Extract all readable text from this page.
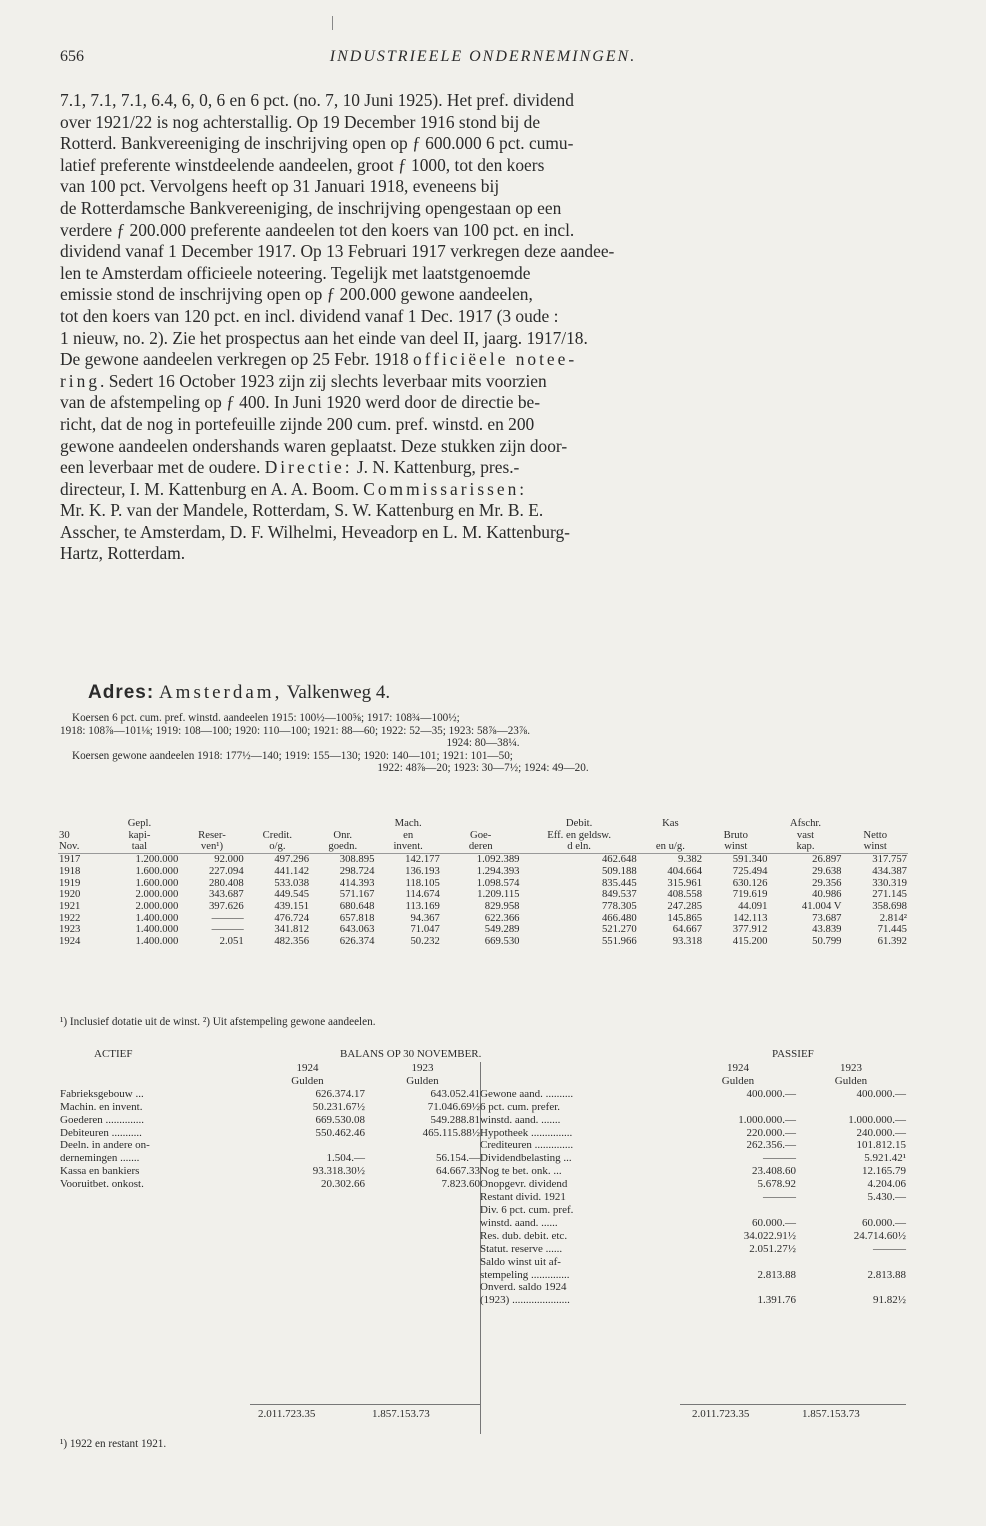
656	INDUSTRIEELE ONDERNEMINGEN.

7.1, 7.1, 7.1, 6.4, 6, 0, 6 en 6 pct. (no. 7, 10 Juni 1925). Het pref. dividend

over 1921/22 is nog achterstallig. Op 19 December 1916 stond bij de

Rotterd. Bankvereeniging de inschrijving open op ƒ 600.000 6 pct. cumu-

latief preferente winstdeelende aandeelen, groot ƒ 1000, tot den koers

van 100 pct. Vervolgens heeft op 31 Januari 1918, eveneens bij

de Rotterdamsche Bankvereeniging, de inschrijving opengestaan op een

verdere ƒ 200.000 preferente aandeelen tot den koers van 100 pct. en incl.

dividend vanaf 1 December 1917. Op 13 Februari 1917 verkregen deze aandee-

len te Amsterdam officieele noteering. Tegelijk met laatstgenoemde

emissie stond de inschrijving open op ƒ 200.000 gewone aandeelen,

tot den koers van 120 pct. en incl. dividend vanaf 1 Dec. 1917 (3 oude :

1 nieuw, no. 2). Zie het prospectus aan het einde van deel II, jaarg. 1917/18.

De gewone aandeelen verkregen op 25 Febr. 1918 officiëele notee-

ring. Sedert 16 October 1923 zijn zij slechts leverbaar mits voorzien

van de afstempeling op ƒ 400. In Juni 1920 werd door de directie be-

richt, dat de nog in portefeuille zijnde 200 cum. pref. winstd. en 200

gewone aandeelen ondershands waren geplaatst. Deze stukken zijn door-

een leverbaar met de oudere. Directie: J. N. Kattenburg, pres.-

directeur, I. M. Kattenburg en A. A. Boom. Commissarissen:

Mr. K. P. van der Mandele, Rotterdam, S. W. Kattenburg en Mr. B. E.

Asscher, te Amsterdam, D. F. Wilhelmi, Heveadorp en L. M. Kattenburg-

Hartz, Rotterdam.

Adres: Amsterdam, Valkenweg 4.

Koersen 6 pct. cum. pref. winstd. aandeelen 1915: 100½—100⅝; 1917: 108¾—100½;

1918: 108⅞—101⅛; 1919: 108—100; 1920: 110—100; 1921: 88—60; 1922: 52—35; 1923: 58⅞—23⅞.

1924: 80—38¼.

Koersen gewone aandeelen 1918: 177½—140; 1919: 155—130; 1920: 140—101; 1921: 101—50;

1922: 48⅞—20; 1923: 30—7½; 1924: 49—20.

	Gepl.				Mach.		Debit.	Kas		Afschr.	
30	kapi-	Reser-	Credit.	Onr.	en	Goe-	Eff. en geldsw.		Bruto	vast	Netto
Nov.	taal	ven¹)	o/g.	goedn.	invent.	deren	d eln.	en u/g.	winst	kap.	winst
1917	1.200.000	92.000	497.296	308.895	142.177	1.092.389	462.648	9.382	591.340	26.897	317.757
1918	1.600.000	227.094	441.142	298.724	136.193	1.294.393	509.188	404.664	725.494	29.638	434.387
1919	1.600.000	280.408	533.038	414.393	118.105	1.098.574	835.445	315.961	630.126	29.356	330.319
1920	2.000.000	343.687	449.545	571.167	114.674	1.209.115	849.537	408.558	719.619	40.986	271.145
1921	2.000.000	397.626	439.151	680.648	113.169	829.958	778.305	247.285	44.091	41.004 V	358.698
1922	1.400.000	———	476.724	657.818	94.367	622.366	466.480	145.865	142.113	73.687	2.814²
1923	1.400.000	———	341.812	643.063	71.047	549.289	521.270	64.667	377.912	43.839	71.445
1924	1.400.000	2.051	482.356	626.374	50.232	669.530	551.966	93.318	415.200	50.799	61.392
¹) Inclusief dotatie uit de winst. ²) Uit afstempeling gewone aandeelen.
ACTIEF	BALANS OP 30 NOVEMBER.	PASSIEF
	1924	1923
	Gulden	Gulden
Fabrieksgebouw ...	626.374.17	643.052.41
Machin. en invent.	50.231.67½	71.046.69½
Goederen ..............	669.530.08	549.288.81
Debiteuren ...........	550.462.46	465.115.88½
Deeln. in andere on-		
dernemingen .......	1.504.—	56.154.—
Kassa en bankiers	93.318.30½	64.667.33
Vooruitbet. onkost.	20.302.66	7.823.60
	1924	1923
	Gulden	Gulden
Gewone aand. ..........	400.000.—	400.000.—
6 pct. cum. prefer.		
winstd. aand. .......	1.000.000.—	1.000.000.—
Hypotheek ...............	220.000.—	240.000.—
Crediteuren ..............	262.356.—	101.812.15
Dividendbelasting ...	———	5.921.42¹
Nog te bet. onk. ...	23.408.60	12.165.79
Onopgevr. dividend	5.678.92	4.204.06
Restant divid. 1921	———	5.430.—
Div. 6 pct. cum. pref.		
winstd. aand. ......	60.000.—	60.000.—
Res. dub. debit. etc.	34.022.91½	24.714.60½
Statut. reserve ......	2.051.27½	———
Saldo winst uit af-		
stempeling ..............	2.813.88	2.813.88
Onverd. saldo 1924		
(1923) .....................	1.391.76	91.82½
2.011.723.35	1.857.153.73	2.011.723.35	1.857.153.73
¹) 1922 en restant 1921.
